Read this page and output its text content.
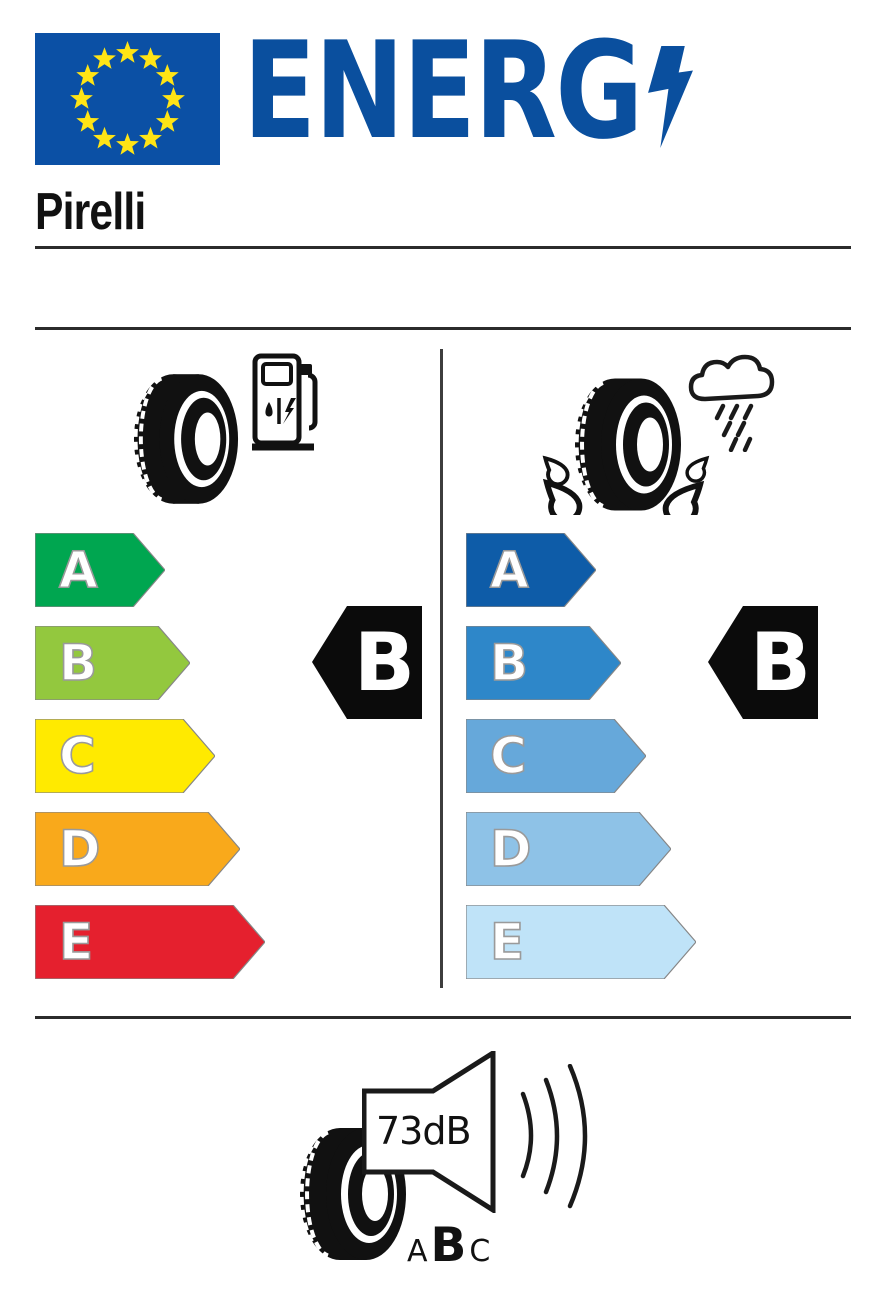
ENERG
Pirelli
A
B
C
D
E
B
A
B
C
D
E
B
73dB
A B C
